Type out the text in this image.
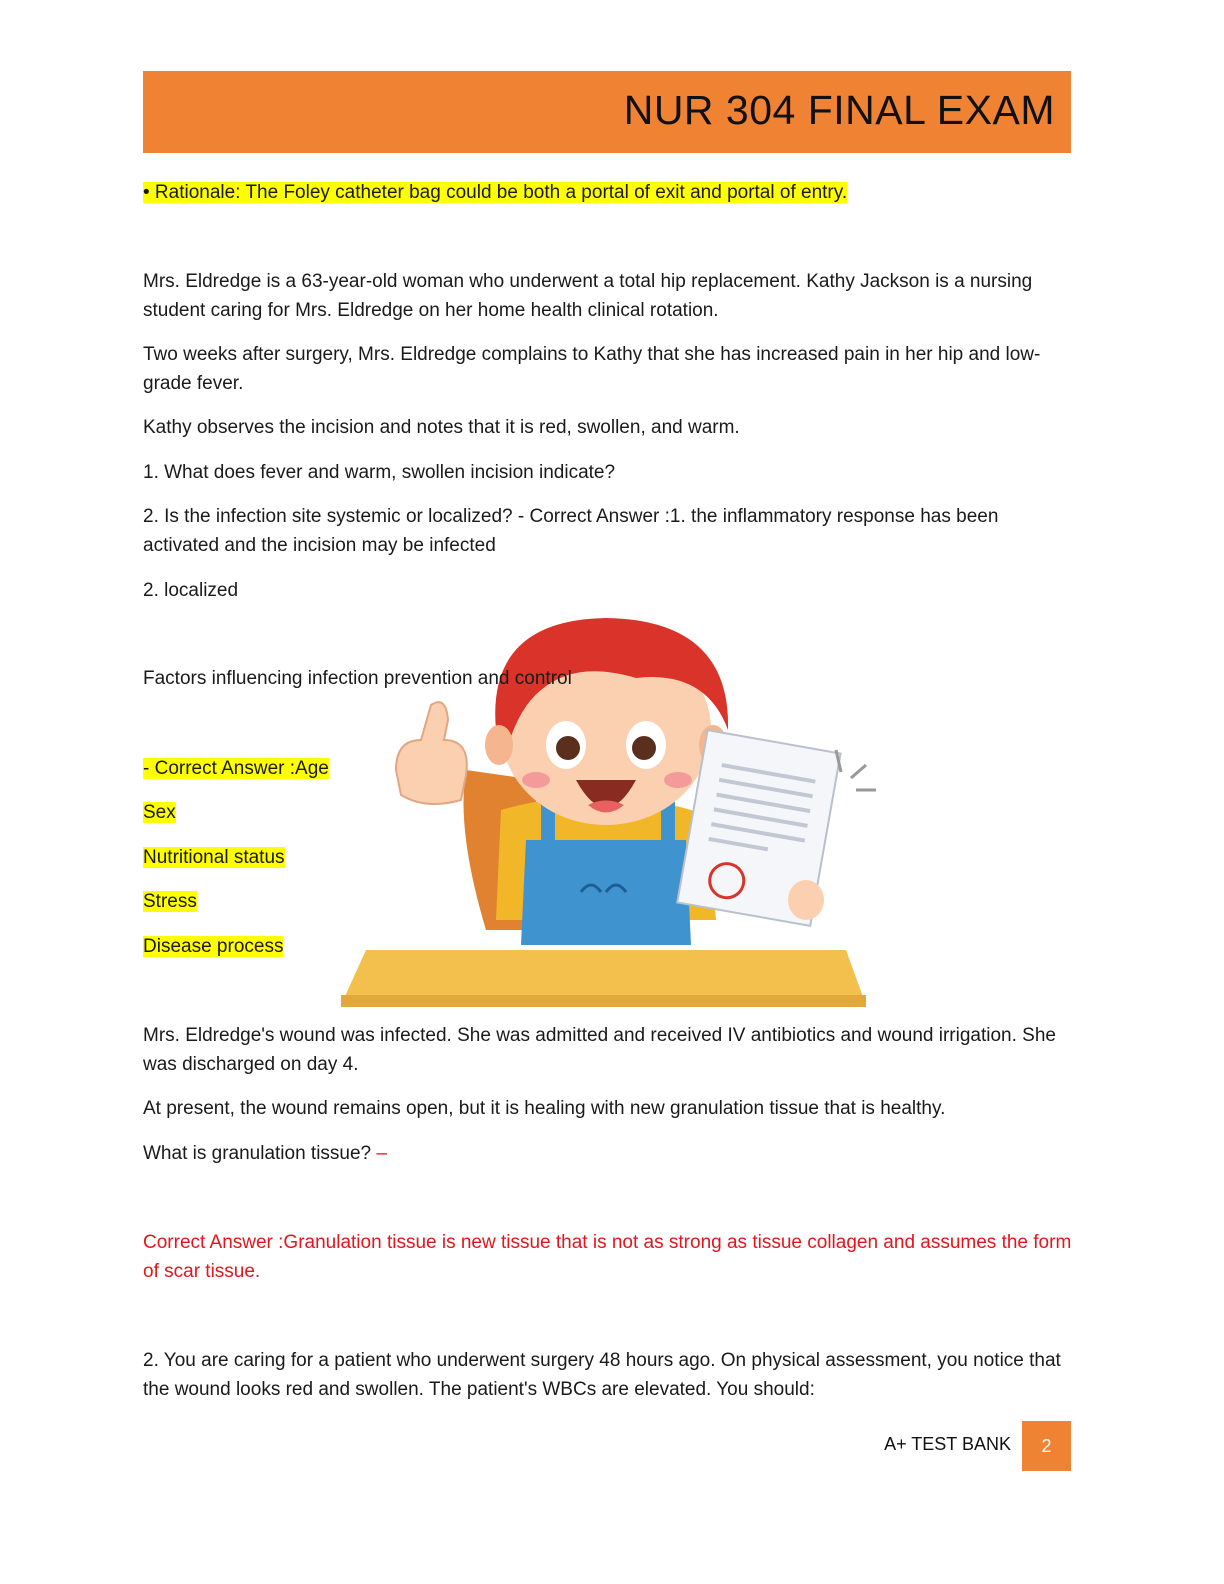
NUR 304 FINAL EXAM

• Rationale: The Foley catheter bag could be both a portal of exit and portal of entry.

Mrs. Eldredge is a 63-year-old woman who underwent a total hip replacement. Kathy Jackson is a nursing student caring for Mrs. Eldredge on her home health clinical rotation.

Two weeks after surgery, Mrs. Eldredge complains to Kathy that she has increased pain in her hip and low-grade fever.

Kathy observes the incision and notes that it is red, swollen, and warm.

1. What does fever and warm, swollen incision indicate?

2. Is the infection site systemic or localized? - Correct Answer :1. the inflammatory response has been activated and the incision may be infected

2. localized

Factors influencing infection prevention and control

- Correct Answer :Age

Sex

Nutritional status

Stress

Disease process

Mrs. Eldredge's wound was infected. She was admitted and received IV antibiotics and wound irrigation. She was discharged on day 4.

At present, the wound remains open, but it is healing with new granulation tissue that is healthy.

What is granulation tissue? –

Correct Answer :Granulation tissue is new tissue that is not as strong as tissue collagen and assumes the form of scar tissue.

2. You are caring for a patient who underwent surgery 48 hours ago. On physical assessment, you notice that the wound looks red and swollen. The patient's WBCs are elevated. You should:

A+ TEST BANK	2
